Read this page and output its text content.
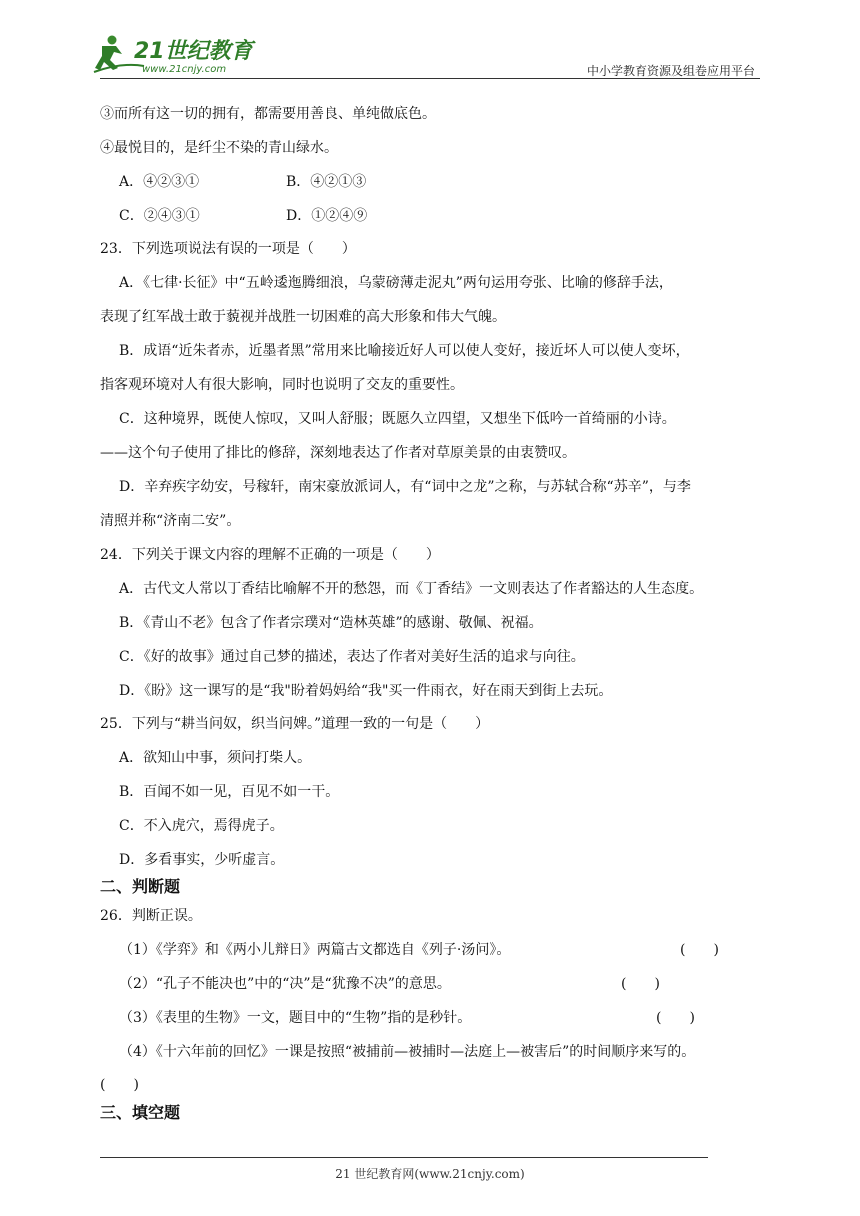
21世纪教育
www.21cnjy.com	中小学教育资源及组卷应用平台
③而所有这一切的拥有，都需要用善良、单纯做底色。
④最悦目的，是纤尘不染的青山绿水。
A．④②③①	B．④②①③
C．②④③①	D．①②④⑨
23．下列选项说法有误的一项是（　　）
A．《七律·长征》中“五岭逶迤腾细浪，乌蒙磅薄走泥丸”两句运用夸张、比喻的修辞手法，
表现了红军战士敢于藐视并战胜一切困难的高大形象和伟大气魄。
B．成语“近朱者赤，近墨者黑”常用来比喻接近好人可以使人变好，接近坏人可以使人变坏，
指客观环境对人有很大影响，同时也说明了交友的重要性。
C．这种境界，既使人惊叹，又叫人舒服；既愿久立四望，又想坐下低吟一首绮丽的小诗。
——这个句子使用了排比的修辞，深刻地表达了作者对草原美景的由衷赞叹。
D．辛弃疾字幼安，号稼轩，南宋豪放派词人，有“词中之龙”之称，与苏轼合称“苏辛”，与李
清照并称“济南二安”。
24．下列关于课文内容的理解不正确的一项是（　　）
A．古代文人常以丁香结比喻解不开的愁怨，而《丁香结》一文则表达了作者豁达的人生态度。
B．《青山不老》包含了作者宗璞对“造林英雄”的感谢、敬佩、祝福。
C．《好的故事》通过自己梦的描述，表达了作者对美好生活的追求与向往。
D．《盼》这一课写的是“我"盼着妈妈给“我"买一件雨衣，好在雨天到街上去玩。
25．下列与“耕当问奴，织当问婢。”道理一致的一句是（　　）
A．欲知山中事，须问打柴人。
B．百闻不如一见，百见不如一干。
C．不入虎穴，焉得虎子。
D．多看事实，少听虚言。
二、判断题
26．判断正误。
（1）《学弈》和《两小儿辩日》两篇古文都选自《列子·汤问》。	(　　)
（2）“孔子不能决也”中的“决”是“犹豫不决”的意思。	(　　)
（3）《表里的生物》一文，题目中的“生物”指的是秒针。	(　　)
（4）《十六年前的回忆》一课是按照“被捕前—被捕时—法庭上—被害后”的时间顺序来写的。
(　　)
三、填空题
21 世纪教育网(www.21cnjy.com)
